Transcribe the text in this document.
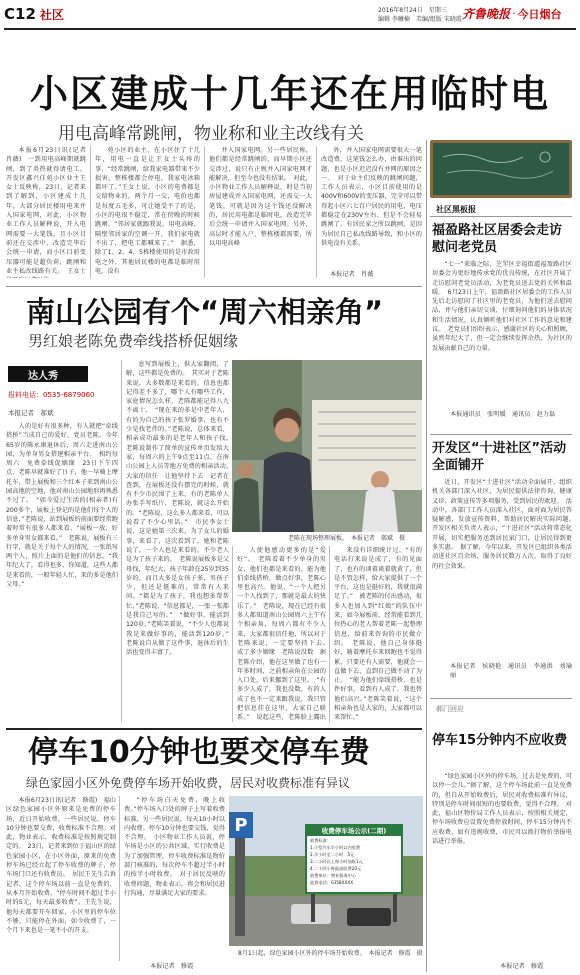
C12 社区	2016年8月24日　星期三
编辑 李曦楠　美编/组版 宋晓霞 齐鲁晚报 · 今日烟台
小区建成十几年还在用临时电
用电高峰常跳闸，物业称和业主改线有关

本报6月23日讯(记者　肖薇)　一到用电高峰期就跳闸，到了炎热就得请电工。开发区鑫兴佳苑小区业主王女士反映称，23日，记者来到了解到，小区建成十几年，大部分居民楼用电来并入国家电网，对此，小区物业工作人员解释说，开入电网需要一大笔钱，且小区目前还在交涉中，改造完毕后会统一申请，而小区目前变压器可能是超负荷，跳闸和业主私改线路有关。　王女士

苑小区的业主，在小区住了十几年，用电一直是让王女士头疼的事，“经常跳闸，给我家电器带来不少损害，整栋楼都会停电，我家电冰箱都坏了。”王女士说，小区的电费都是交给物业的，两个月一交，电价也都是每度五毛多，可让她受不了的是，小区的电很不稳定，常在傍晚的时候跳闸。“邻居家就跟我说，用电高峰，隔壁邻居家的空调一开，我们家电就不出了，把电工都喊来了。”　据悉，除了1、2、4、5栋楼使用的是市政用电之外，其他居民楼的电都是临时用电，没有

并入国家电网。另一些居民称，他们都是经常跳闸的，而早期小区还交涉过，说只有正规并入国家电网才能解决，但至今也没有结果。　对此，小区物业工作人员解释说，时是当初房屋建成并入国家电网，还需交一大笔钱，可就是因为这个钱还没解决的，居民用电都是临时电，改造完毕后会统一申请并入国家电网。另外，高层时才能入户，整栋楼都需要，所以用电高峰

外，并入国家电网需要很大一笔改造费，这笔钱怎么办，由谁出的问题，也是小区迟迟没有并网的原因之一。　对于业主们反映的跳闸问题，工作人员表示，小区目前使用的是400V和600V的变压器，完全可以带得起小区六七百户居民的用电，电压都稳定在230V左右。但是不会轻易跳闸了，有居民家之所以跳闸，是因为居民自己私改线路导致，和小区的供电没有关系。

本报记者　肖薇
社区黑板报
福盈路社区居委会走访慰问老党员

“七一”来临之际，芝罘区幸福街道福盈路社区居委会为更好地传承党的优良传统，在社区开展了走访慰问老党员活动，为老党员送去党的关怀和温暖。　6月23日上午，福盈路社区居委会的工作人员先后走访慰问了社区里的老党员，为他们送去慰问品，并与他们亲切交谈，仔细询问他们的身体状况和生活情况，认真倾听他们对社区工作的意见和建议。　老党员们纷纷表示，感谢社区的关心和照顾，虽然年纪大了，但一定会继续发挥余热，为社区的发展贡献自己的力量。

本报通讯员　张明媛　通讯员　赵力磊
开发区“十进社区”活动全面铺开

近日，开发区“十进社区”活动全面展开，组织机关各部门深入社区，为居民提供法律咨询、健康义诊、政策宣传等多项服务，受到居民的欢迎。　活动中，各部门工作人员深入社区，面对面为居民答疑解惑，发放宣传资料，帮助居民解决实际问题。　开发区相关负责人表示，“十进社区”活动将常态化开展，切实把服务送到居民家门口，让居民得到更多实惠。　据了解，今年以来，开发区已组织各类活动进社区百余场，服务居民数万人次，取得了良好的社会效果。

本报记者　侯晓艳　通讯员　李通洪　刘瑜丽
南山公园有个“周六相亲角”
男红娘老陈免费牵线搭桥促姻缘
达人秀
报料电话：0535-6879060
本报记者　郝斌

人的是好有很多种，有人就把“牵线搭桥”当成自己的爱好，党员老陈，今年65岁的陈永康退休后，周六走进南山公园，为单身男女搭建相亲平台。　相约每周六　免费牵线促姻缘　23日下午四点，老陈早就准好了日子，他一早骑上摩托车，带上展板和三个红本子来到南山公园高地的空地，他对南山公园地形再熟悉不过了。　“如今爱过生活的(相亲者)有200多个，展板上登记的是他们每个人的信息，”老陈说，站到展板的前面要经常跑着时常有很多人都来看。“展板一放，好多单身男女都来看。”　老陈说，展板有三行字，就是关于每个人的情况，一张纸写两个人，照片上面的是他们的信息。“我年纪大了，看得也多，你知道，这些人都是来看的，一般年轻人忙，来的多是他们父母。”

息写到展板上，供大家翻阅，了解，这些都是免费的。　其实对于老陈来说，大多数都是来看的，信息也都记得差不多了，哪个人有哪些工作，家庭情况怎么样，老陈都能记得八九不离十。　“现在来的多是中老年人，有的为自己的孩子张罗婚事，也有不少是找老伴的。”老陈说，总体来看，相亲成功最多的是老年人和孩子找。　老陈说制作了简单的宣传单页发给大家，每周六的上午9点至11点，在南山公园上人员等地方免费的相亲活动。　大家的信任　让他坚持下去　记者在查到，在展板还没有摆完的时候，就有不少市民围了上来，有的老陈单人办张手写纸片，老陈说，就这么开始的。“老陈说，这么多人都来看，可以说看了不少心里话。”　市民李女士说，这是她第三次来，为了女儿的婚事，来看了，这次看到了，她和老陈说了，一个人也是来看的，不少老人是为了孩子来的。　老陈说展板多是父母找，年纪大，孩子年龄在25岁到35岁的，而且大多是女孩子多，男孩子少，但还是挺难的，常常有人来问。“都是为了孩子，我也想多帮帮忙，”老陈说，“信息都是，一张一张都是我自己写的。”　“做好事，能活到120岁，”老陈笑着说，“不少人也都说我是来做好事的，能活到120岁。”　老陈说自从做了这件事，退休后的生活也变得丰富了。

老陈在现场整理展板。　本报记者　郝斌　摄

人使他感动更多的是“爱好”。　老陈看着不少单身的男女，他们也都是来看的，能为他们牵线搭桥，做点好事，老陈心里也高兴。他说，“一个人把另一个人找到了，那就是最大的快乐了。”　老陈说，现在已经有很多人都知道南山公园周六上午有个相亲角，每周六都有不少人来，大家都很信任他，所以对于老陈来说，一定要坚持下去。　成了多少姻缘　老陈说没数　据老陈介绍，他在这里做了也有一年多时间，之前相亲角在公园的入口处，后来挪到了这里。　“有多少人成了，我也没数，有的人成了也不一定来跟我说，我只管把信息挂在这里，大家自己联系。”　说起这些，老陈脸上露出

来没有详细统计过，“有的电话打来说是成了，有的见面了，也有的谈着谈着就黄了，但是不管怎样，给大家提供了一个平台，这也是挺好的，我就很满足了。”　被老陈的付出感动，很多人也加入到“红娘”的队伍中来，如今展板前，经常能看到几位热心的老人帮着老陈一起整理信息，给前来咨询的市民做介绍。　老陈说，他自己身体挺好，骑着摩托车来回跑也不觉得累，只要还有人需要，他就会一直做下去，直到自己做不动了为止。　“能为他们牵线搭桥，也是件好事，看到有人成了，我也替他们高兴。”老陈笑着说，“这个相亲角也是大家的，大家都可以来帮忙。”

停车10分钟也要交停车费
绿色家园小区外免费停车场开始收费，居民对收费标准有异议

本报6月23日讯(记者　修霞)　福山区绿色家园小区外原来是免费的停车场，近日开始收费，一些居民说，停车10分钟也要交费，收费标准不合理。对此，物业表示，收费标准是按照规定制定的。　23日，记者来到位于福山区的绿色家园小区，在小区外面，原来的免费停车场已经立起了停车收费的牌子，停车场门口还有收费员。　居民王先生告诉记者，这个停车场以前一直是免费的，从本月开始收费，“停车时间不超过半小时的5元，每天最多收费”。王先生说，他每天都要开车回家，小区里的停车位不够，只能停在外面，如今收费了，一个月下来也是一笔不小的开支。

“停车场白天免费，晚上收费。”停车场入口处的牌子上写着收费标准，另一些居民说，每天10小时以内收费。停车10分钟也要交钱，觉得不合理。　小区物业工作人员说，停车场是小区的公共区域，实行收费是为了加强管理，停车收费标准是物价部门核准的，每次停车不超过半小时的按半小时收费。　对于居民反映的收费问题，物业表示，将会和居民进行沟通，尽量满足大家的要求。

本报记者　修霞
P	收费停车场公示(二期)
收费标准：
1.小型汽车半小时以内免费
2.半小时至二小时　5元
3.二小时以上每小时加收1元
4.二十四小时最高收费20元
收费单位：物业服务中心
监督电话：6358XXXX
8月1日起，绿色家园小区外的停车场开始收费。　本报记者　修霞　摄
郝门回应
停车15分钟内不应收费

“绿色家园小区外的停车场，过去是免费的，可以停一会儿。”据了解，这个停车场此前一直是免费的，但自从开始收费后，居民对收费标准有异议，特别是停车时间很短的也要收费，觉得不合理。　对此，福山区物价局工作人员表示，按照相关规定，停车场收费应设置免费停放时间，停车15分钟内不应收费，如有违规收费，市民可以拨打物价举报电话进行举报。

本报记者　修霞
